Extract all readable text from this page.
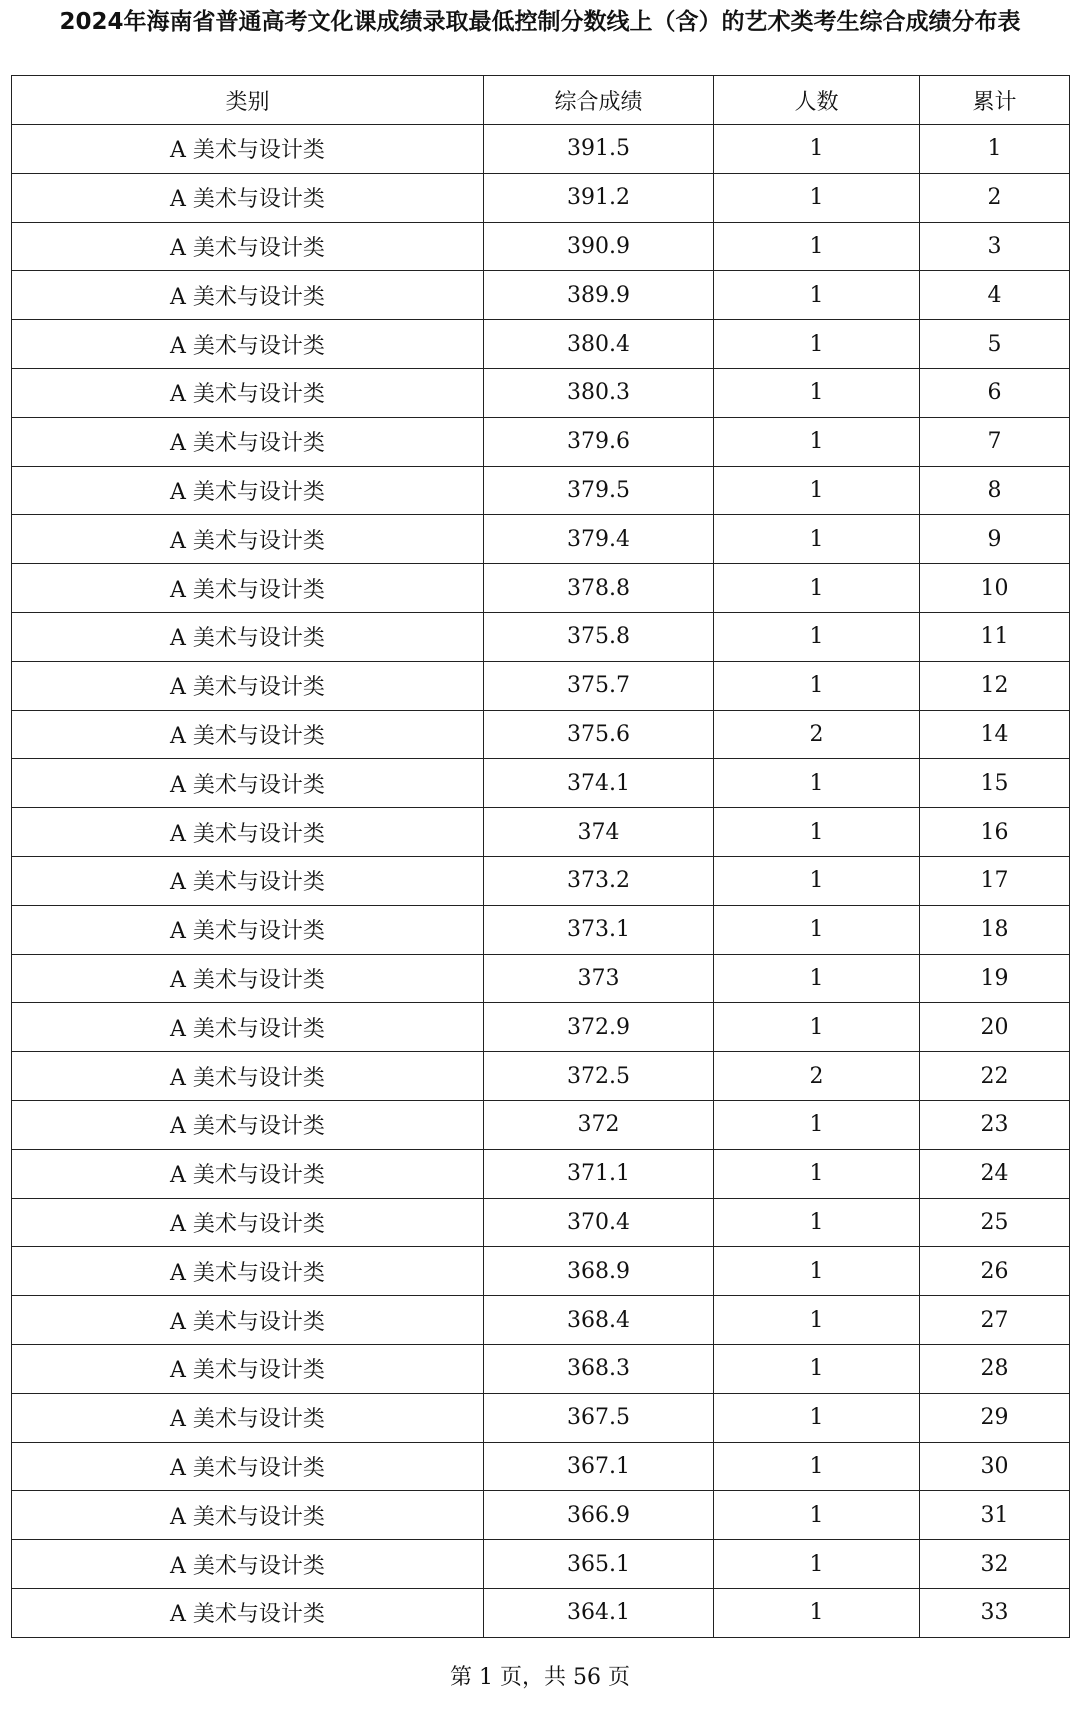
2024年海南省普通高考文化课成绩录取最低控制分数线上（含）的艺术类考生综合成绩分布表
类别	综合成绩	人数	累计
A 美术与设计类	391.5	1	1
A 美术与设计类	391.2	1	2
A 美术与设计类	390.9	1	3
A 美术与设计类	389.9	1	4
A 美术与设计类	380.4	1	5
A 美术与设计类	380.3	1	6
A 美术与设计类	379.6	1	7
A 美术与设计类	379.5	1	8
A 美术与设计类	379.4	1	9
A 美术与设计类	378.8	1	10
A 美术与设计类	375.8	1	11
A 美术与设计类	375.7	1	12
A 美术与设计类	375.6	2	14
A 美术与设计类	374.1	1	15
A 美术与设计类	374	1	16
A 美术与设计类	373.2	1	17
A 美术与设计类	373.1	1	18
A 美术与设计类	373	1	19
A 美术与设计类	372.9	1	20
A 美术与设计类	372.5	2	22
A 美术与设计类	372	1	23
A 美术与设计类	371.1	1	24
A 美术与设计类	370.4	1	25
A 美术与设计类	368.9	1	26
A 美术与设计类	368.4	1	27
A 美术与设计类	368.3	1	28
A 美术与设计类	367.5	1	29
A 美术与设计类	367.1	1	30
A 美术与设计类	366.9	1	31
A 美术与设计类	365.1	1	32
A 美术与设计类	364.1	1	33
第 1 页，共 56 页
